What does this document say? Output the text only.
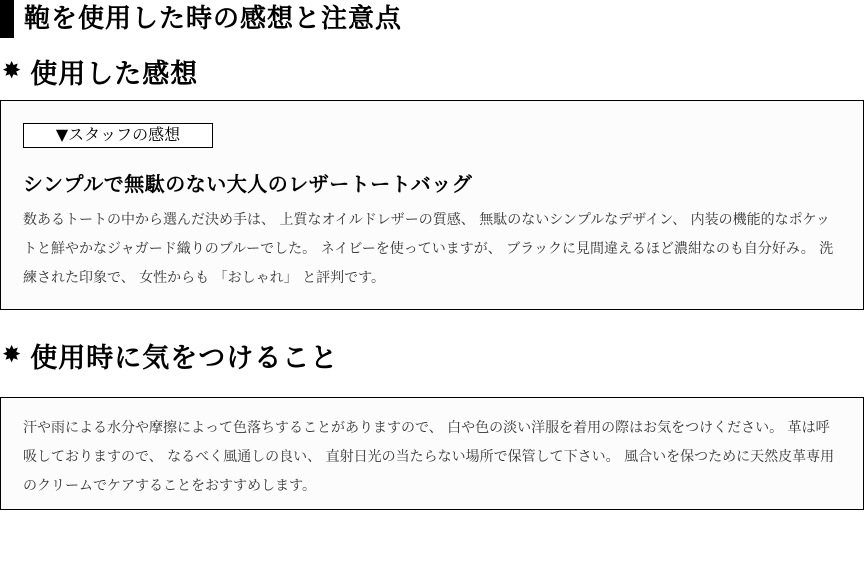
鞄を使用した時の感想と注意点
✸ 使用した感想
▼スタッフの感想
シンプルで無駄のない大人のレザートートバッグ

数あるトートの中から選んだ決め手は、 上質なオイルドレザーの質感、 無駄のないシンプルなデザイン、 内装の機能的なポケットと鮮やかなジャガード織りのブルーでした。 ネイビーを使っていますが、 ブラックに見間違えるほど濃紺なのも自分好み。 洗練された印象で、 女性からも 「おしゃれ」 と評判です。

✸ 使用時に気をつけること

汗や雨による水分や摩擦によって色落ちすることがありますので、 白や色の淡い洋服を着用の際はお気をつけください。 革は呼吸しておりますので、 なるべく風通しの良い、 直射日光の当たらない場所で保管して下さい。 風合いを保つために天然皮革専用のクリームでケアすることをおすすめします。
